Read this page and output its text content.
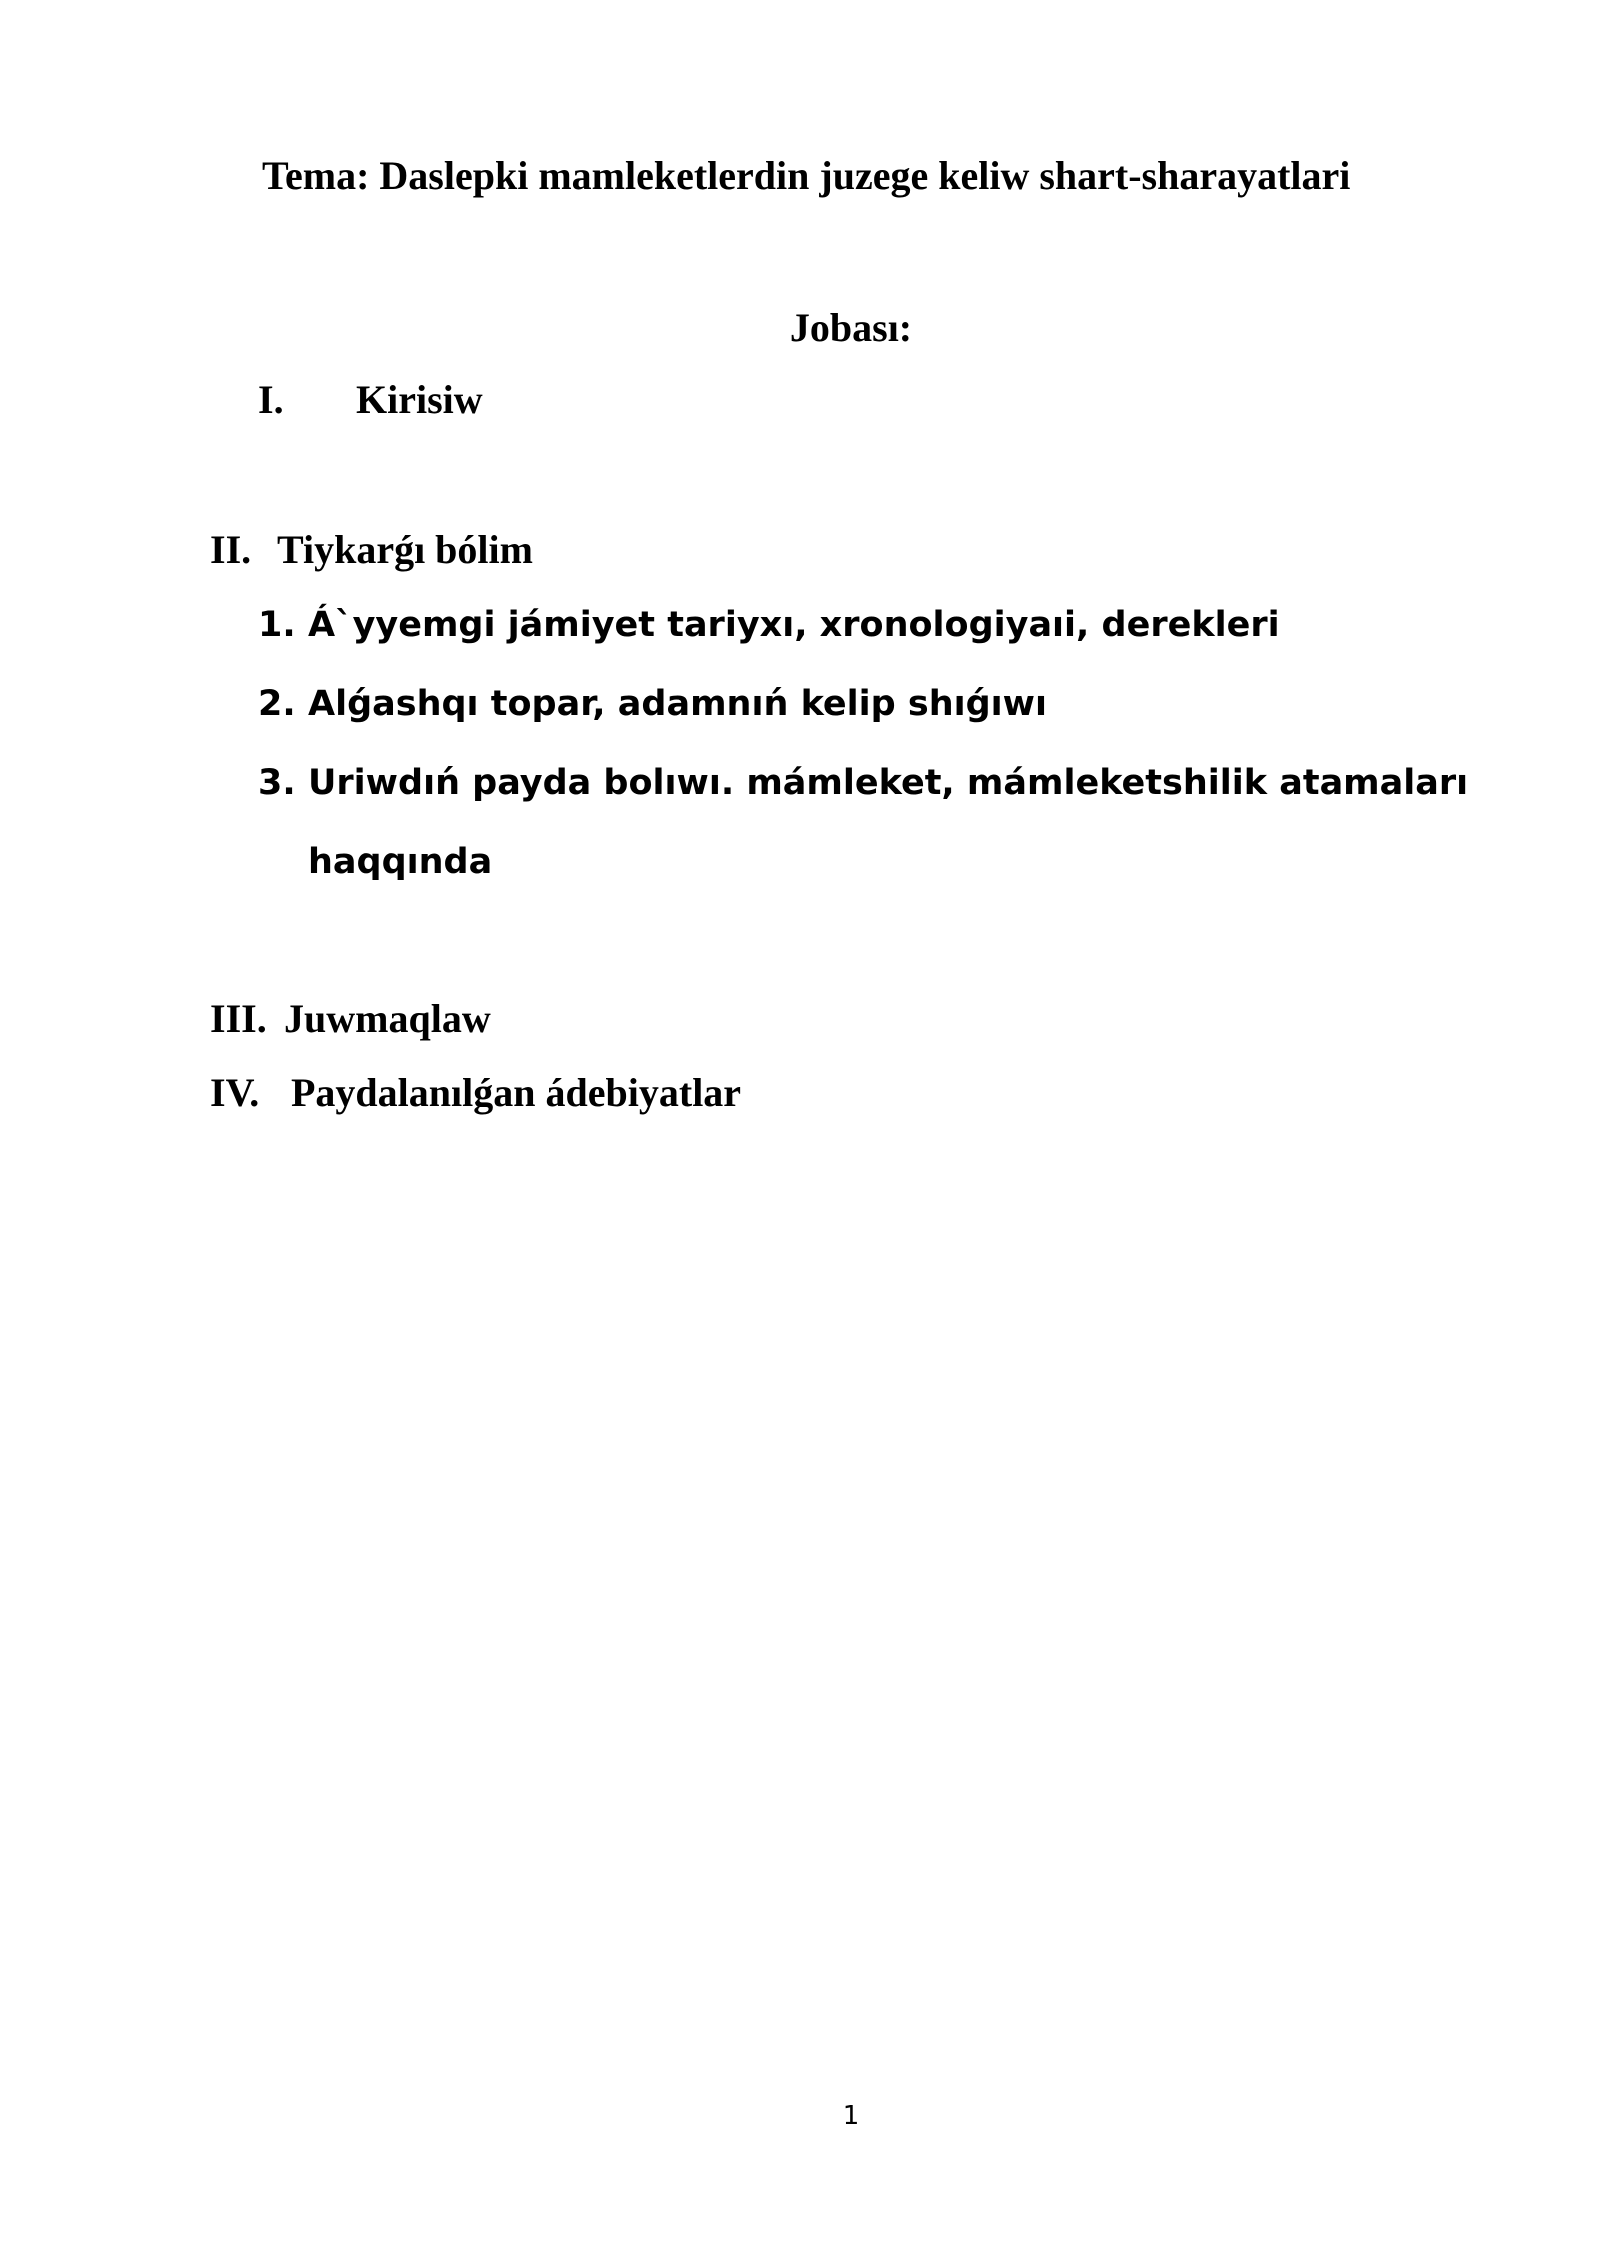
Tema: Daslepki mamleketlerdin juzege keliw shart-sharayatlari
Jobası:
I. Kirisiw
II. Tiykarǵı bólim
1. Á`yyemgi jámiyet tariyxı, xronologiyaıi, derekleri
2. Alǵashqı topar, adamnıń kelip shıǵıwı
3. Uriwdıń payda bolıwı. mámleket, mámleketshilik atamaları
haqqında
III. Juwmaqlaw
IV. Paydalanılǵan ádebiyatlar
1
